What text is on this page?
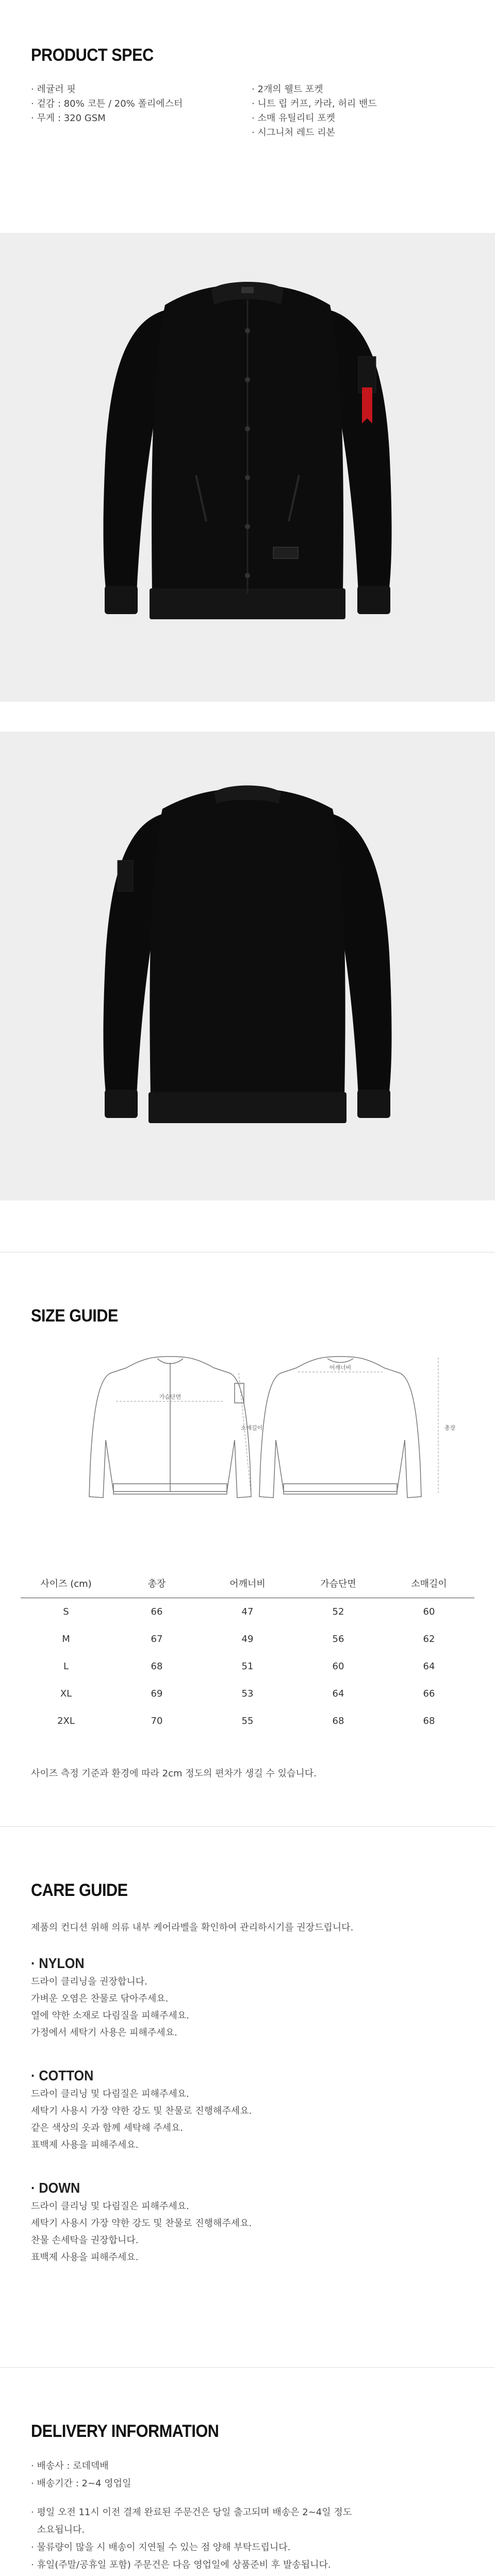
PRODUCT SPEC
· 레귤러 핏
· 겉감 : 80% 코튼 / 20% 폴리에스터
· 무게 : 320 GSM
· 2개의 웰트 포켓
· 니트 립 커프, 카라, 허리 밴드
· 소매 유틸리티 포켓
· 시그니처 레드 리본
SIZE GUIDE
가슴단면
소매길이
어깨너비
총장
사이즈 (cm)	총장	어깨너비	가슴단면	소매길이
S	66	47	52	60
M	67	49	56	62
L	68	51	60	64
XL	69	53	64	66
2XL	70	55	68	68
사이즈 측정 기준과 환경에 따라 2cm 정도의 편차가 생길 수 있습니다.
CARE GUIDE
제품의 컨디션 위해 의류 내부 케어라벨을 확인하여 관리하시기를 권장드립니다.
· NYLON
드라이 클리닝을 권장합니다.
가벼운 오염은 찬물로 닦아주세요.
열에 약한 소재로 다림질을 피해주세요.
가정에서 세탁기 사용은 피해주세요.
· COTTON
드라이 클리닝 및 다림질은 피해주세요.
세탁기 사용시 가장 약한 강도 및 찬물로 진행해주세요.
같은 색상의 옷과 함께 세탁해 주세요.
표백제 사용을 피해주세요.
· DOWN
드라이 클리닝 및 다림질은 피해주세요.
세탁기 사용시 가장 약한 강도 및 찬물로 진행해주세요.
찬물 손세탁을 권장합니다.
표백제 사용을 피해주세요.
DELIVERY INFORMATION
· 배송사 : 로데덱배
· 배송기간 : 2~4 영업일
· 평일 오전 11시 이전 결제 완료된 주문건은 당일 출고되며 배송은 2~4일 정도
소요됩니다.
· 물류량이 많을 시 배송이 지연될 수 있는 점 양해 부탁드립니다.
· 휴일(주말/공휴일 포함) 주문건은 다음 영업일에 상품준비 후 발송됩니다.
